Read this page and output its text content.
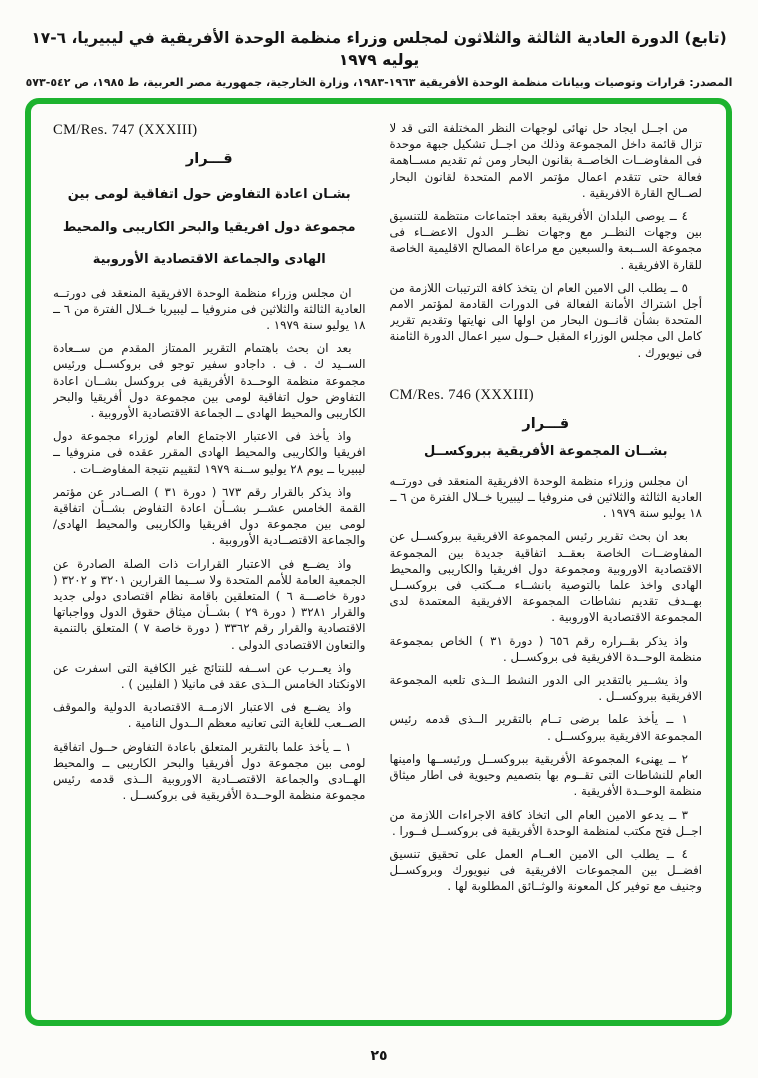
(تابع) الدورة العادية الثالثة والثلاثون لمجلس وزراء منظمة الوحدة الأفريقية في ليبيريا، ٦-١٧ يوليه ١٩٧٩
المصدر: قرارات وتوصيات وبيانات منظمة الوحدة الأفريقية ١٩٦٣-١٩٨٣، وزارة الخارجية، جمهورية مصر العربية، ط ١٩٨٥، ص ٥٤٢-٥٧٣

من اجــل ايجاد حل نهائى لوجهات النظر المختلفة التى قد لا تزال قائمة داخل المجموعة وذلك من اجــل تشكيل جبهة موحدة فى المفاوضــات الخاصــة بقانون البحار ومن ثم تقديم مســاهمة فعالة حتى تتقدم اعمال مؤتمر الامم المتحدة لقانون البحار لصــالح القارة الافريقية .

٤ ــ يوصى البلدان الأفريقية بعقد اجتماعات منتظمة للتنسيق بين وجهات النظــر مع وجهات نظــر الدول الاعضــاء فى مجموعة الســبعة والسبعين مع مراعاة المصالح الاقليمية الخاصة للقارة الافريقية .

٥ ــ يطلب الى الامين العام ان يتخذ كافة الترتيبات اللازمة من أجل اشتراك الأمانة الفعالة فى الدورات القادمة لمؤتمر الامم المتحدة بشأن قانــون البحار من اولها الى نهايتها وتقديم تقرير كامل الى مجلس الوزراء المقبل حــول سير اعمال الدورة الثامنة فى نيويورك .

CM/Res. 746 (XXXIII)
قـــرار
بشــان المجموعة الأفريقية ببروكســل

ان مجلس وزراء منظمة الوحدة الافريقية المنعقد فى دورتــه العادية الثالثة والثلاثين فى منروفيا ــ ليبيريا خــلال الفترة من ٦ ــ ١٨ يوليو سنة ١٩٧٩ .

بعد ان بحث تقرير رئيس المجموعة الافريقية ببروكســل عن المفاوضــات الخاصة بعقــد اتفاقية جديدة بين المجموعة الاقتصادية الاوروبية ومجموعة دول افريقيا والكاريبى والمحيط الهادى واخذ علما بالتوصية بانشــاء مــكتب فى بروكســل بهــدف تقديم نشاطات المجموعة الافريقية المعتمدة لدى المجموعة الاقتصادية الاوروبية .

واذ يذكر بقــراره رقم ٦٥٦ ( دورة ٣١ ) الخاص بمجموعة منظمة الوحــدة الافريقية فى بروكســل .

واذ يشــير بالتقدير الى الدور النشط الــذى تلعبه المجموعة الافريقية ببروكســل .

١ ــ يأخذ علما برضى تــام بالتقرير الــذى قدمه رئيس المجموعة الافريقية ببروكســل .

٢ ــ يهنىء المجموعة الأفريقية ببروكســل ورئيســها وامينها العام للنشاطات التى تقــوم بها بتصميم وحيوية فى اطار ميثاق منظمة الوحــدة الأفريقية .

٣ ــ يدعو الامين العام الى اتخاذ كافة الاجراءات اللازمة من اجــل فتح مكتب لمنظمة الوحدة الأفريقية فى بروكســل فــورا .

٤ ــ يطلب الى الامين العــام العمل على تحقيق تنسيق افضــل بين المجموعات الافريقية فى نيويورك وبروكســل وجنيف مع توفير كل المعونة والوثــائق المطلوبة لها .

CM/Res. 747 (XXXIII)
قـــرار
بشـان اعادة التفاوض حول اتفاقية لومى بين
مجموعة دول افريقيا والبحر الكاريبى والمحيط
الهادى والجماعة الاقتصادية الأوروبية

ان مجلس وزراء منظمة الوحدة الافريقية المنعقد فى دورتــه العادية الثالثة والثلاثين فى منروفيا ــ ليبيريا خــلال الفترة من ٦ ــ ١٨ يوليو سنة ١٩٧٩ .

بعد ان بحث باهتمام التقرير الممتاز المقدم من ســعادة الســيد ك . ف . داجادو سفير توجو فى بروكســل ورئيس مجموعة منظمة الوحــدة الأفريقية فى بروكسل بشــان اعادة التفاوض حول اتفاقية لومى بين مجموعة دول أفريقيا والبحر الكاريبى والمحيط الهادى ــ الجماعة الاقتصادية الأوروبية .

واذ يأخذ فى الاعتبار الاجتماع العام لوزراء مجموعة دول افريقيا والكاريبى والمحيط الهادى المقرر عقده فى منروفيا ــ ليبيريا ــ يوم ٢٨ يوليو ســنة ١٩٧٩ لتقييم نتيجة المفاوضــات .

واذ يذكر بالقرار رقم ٦٧٣ ( دورة ٣١ ) الصــادر عن مؤتمر القمة الخامس عشــر بشــأن اعادة التفاوض بشــأن اتفاقية لومى بين مجموعة دول افريقيا والكاريبى والمحيط الهادى/والجماعة الاقتصــادية الأوروبية .

واذ يضــع فى الاعتبار القرارات ذات الصلة الصادرة عن الجمعية العامة للأمم المتحدة ولا ســيما القرارين ٣٢٠١ و ٣٢٠٢ ( دورة خاصـــة ٦ ) المتعلقين باقامة نظام اقتصادى دولى جديد والقرار ٣٢٨١ ( دورة ٢٩ ) بشــأن ميثاق حقوق الدول وواجباتها الاقتصادية والقرار رقم ٣٣٦٢ ( دورة خاصة ٧ ) المتعلق بالتنمية والتعاون الاقتصادى الدولى .

واذ يعــرب عن اســفه للنتائج غير الكافية التى اسفرت عن الاونكتاد الخامس الــذى عقد فى مانيلا ( الفلبين ) .

واذ يضــع فى الاعتبار الازمــة الاقتصادية الدولية والموقف الصــعب للغاية التى تعانيه معظم الــدول النامية .

١ ــ يأخذ علما بالتقرير المتعلق باعادة التفاوض حــول اتفاقية لومى بين مجموعة دول أفريقيا والبحر الكاريبى ــ والمحيط الهــادى والجماعة الاقتصــادية الاوروبية الــذى قدمه رئيس مجموعة منظمة الوحــدة الأفريقية فى بروكســل .

٢٥
